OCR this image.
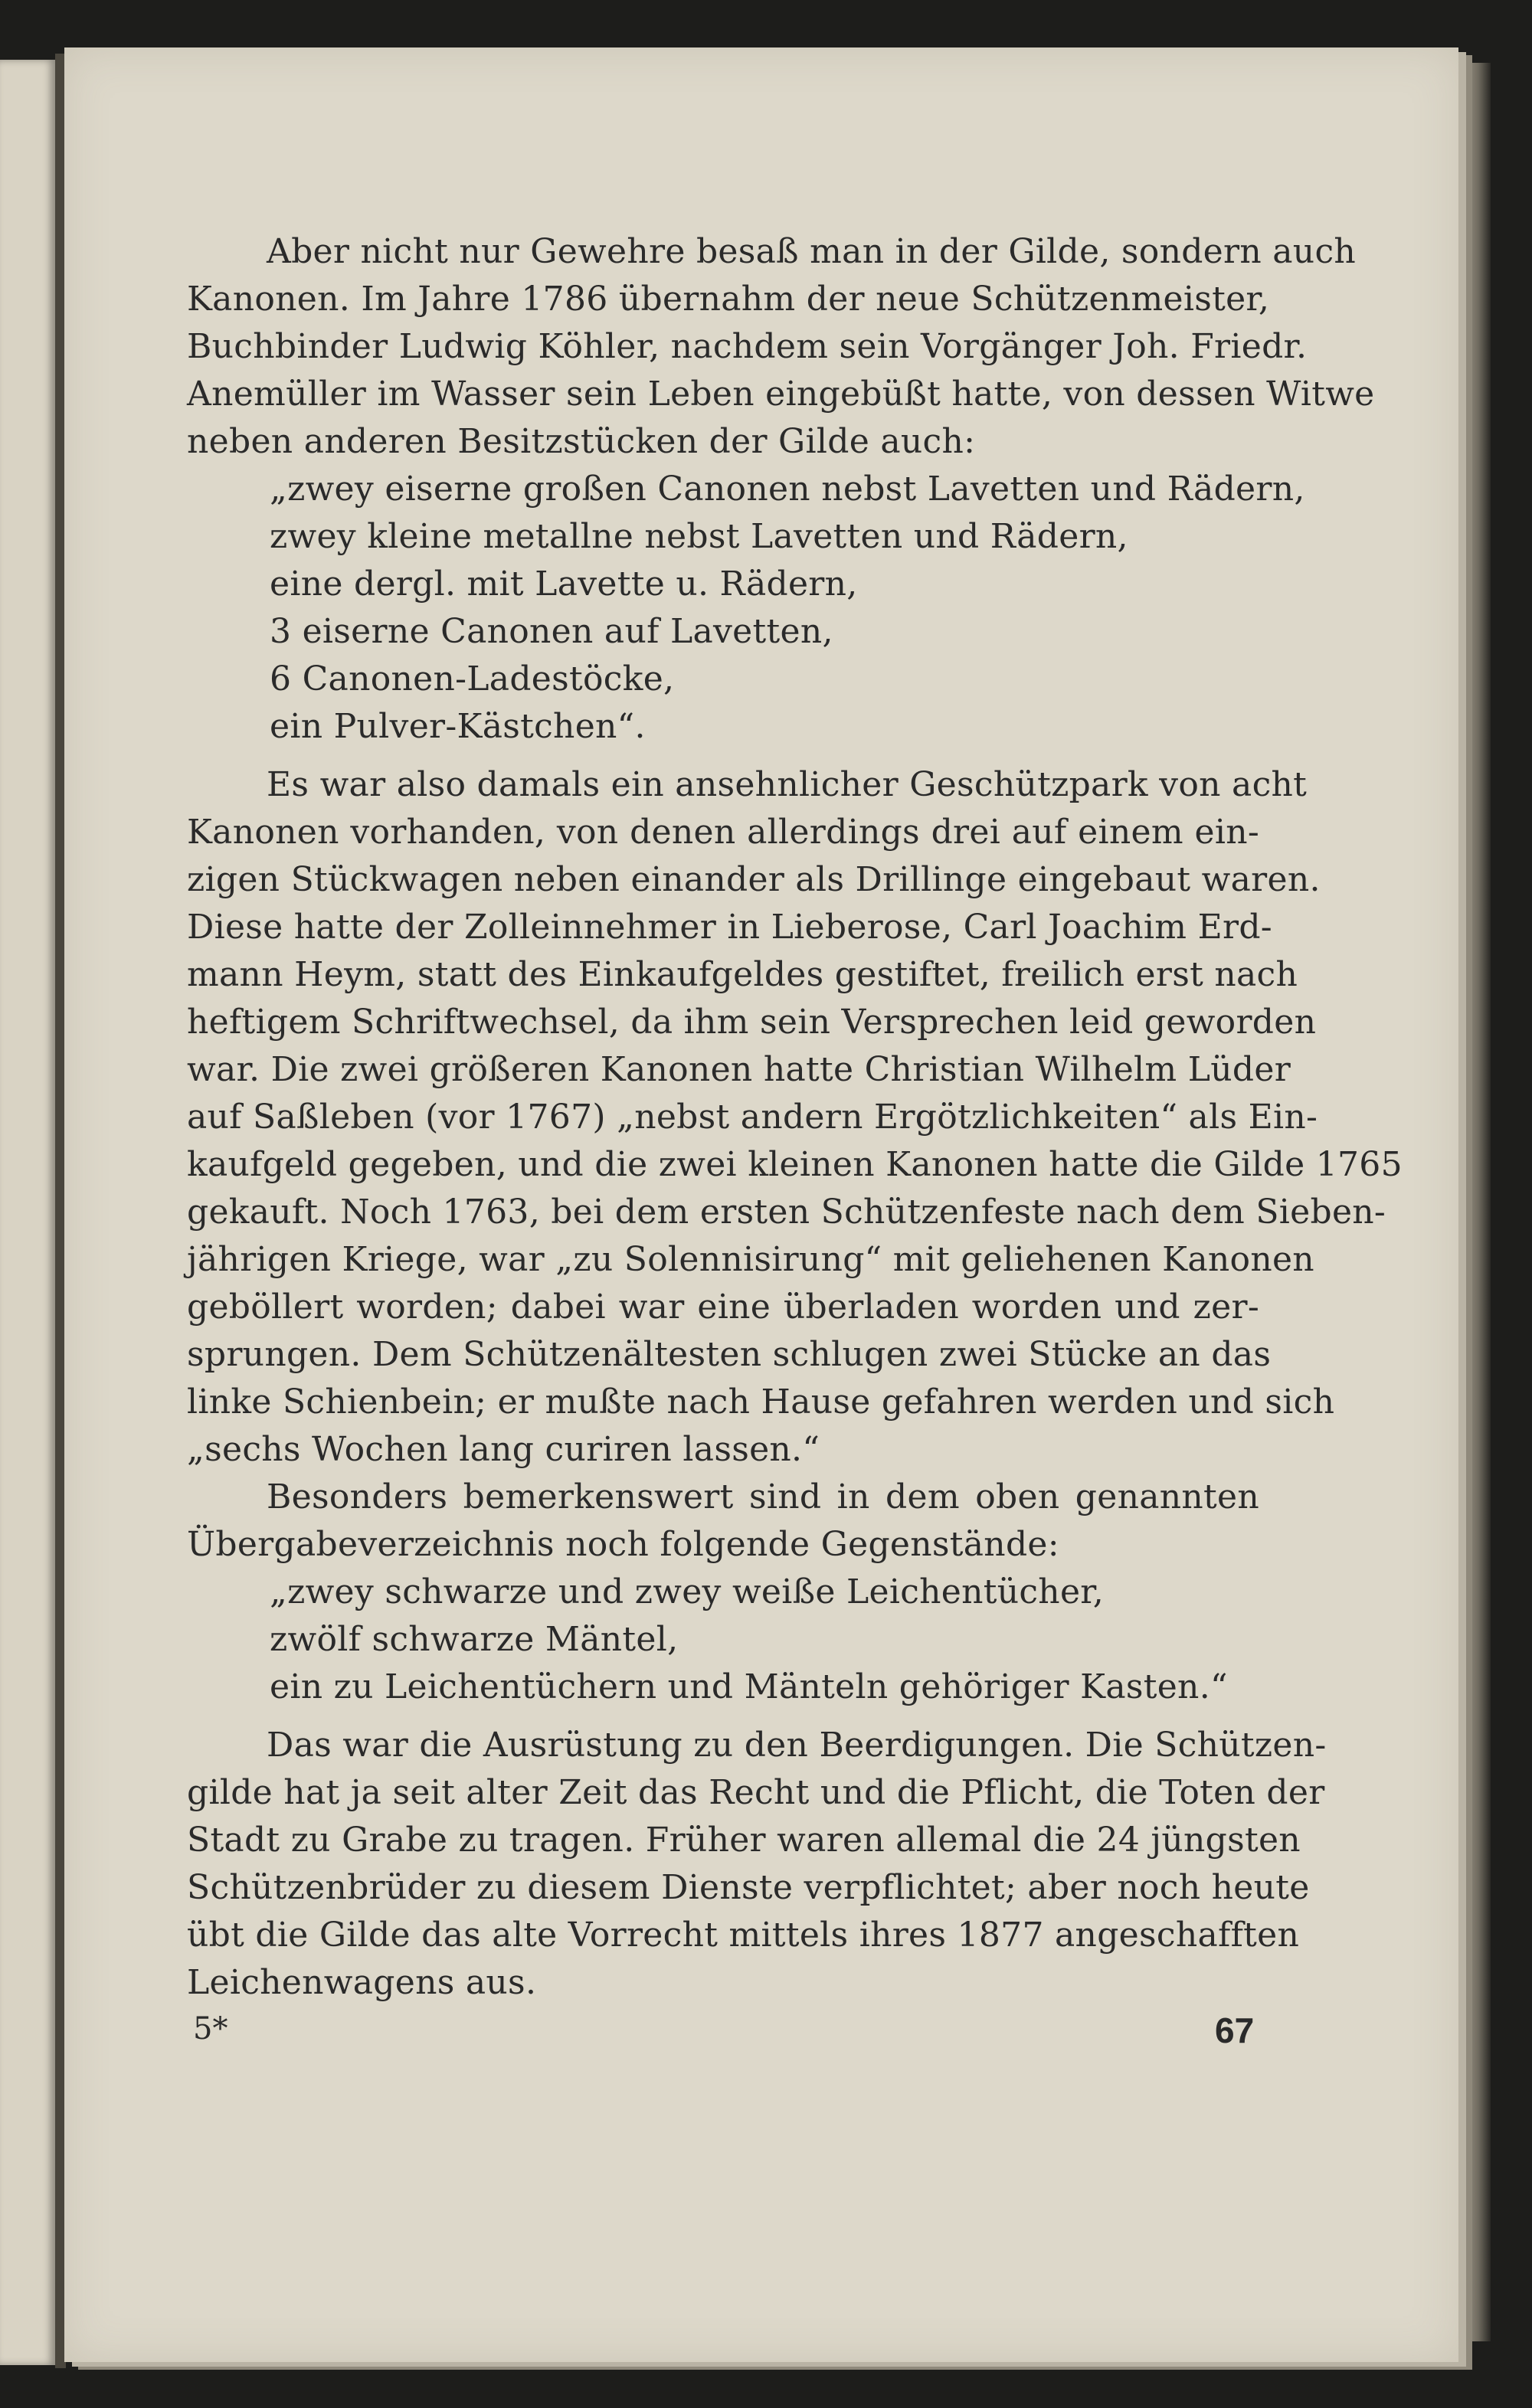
Aber nicht nur Gewehre besaß man in der Gilde, sondern auch
Kanonen. Im Jahre 1786 übernahm der neue Schützenmeister,
Buchbinder Ludwig Köhler, nachdem sein Vorgänger Joh. Friedr.
Anemüller im Wasser sein Leben eingebüßt hatte, von dessen Witwe
neben anderen Besitzstücken der Gilde auch:
„zwey eiserne großen Canonen nebst Lavetten und Rädern,
zwey kleine metallne nebst Lavetten und Rädern,
eine dergl. mit Lavette u. Rädern,
3 eiserne Canonen auf Lavetten,
6 Canonen-Ladestöcke,
ein Pulver-Kästchen“.
Es war also damals ein ansehnlicher Geschützpark von acht
Kanonen vorhanden, von denen allerdings drei auf einem ein-
zigen Stückwagen neben einander als Drillinge eingebaut waren.
Diese hatte der Zolleinnehmer in Lieberose, Carl Joachim Erd-
mann Heym, statt des Einkaufgeldes gestiftet, freilich erst nach
heftigem Schriftwechsel, da ihm sein Versprechen leid geworden
war. Die zwei größeren Kanonen hatte Christian Wilhelm Lüder
auf Saßleben (vor 1767) „nebst andern Ergötzlichkeiten“ als Ein-
kaufgeld gegeben, und die zwei kleinen Kanonen hatte die Gilde 1765
gekauft. Noch 1763, bei dem ersten Schützenfeste nach dem Sieben-
jährigen Kriege, war „zu Solennisirung“ mit geliehenen Kanonen
geböllert worden; dabei war eine überladen worden und zer-
sprungen. Dem Schützenältesten schlugen zwei Stücke an das
linke Schienbein; er mußte nach Hause gefahren werden und sich
„sechs Wochen lang curiren lassen.“
Besonders bemerkenswert sind in dem oben genannten
Übergabeverzeichnis noch folgende Gegenstände:
„zwey schwarze und zwey weiße Leichentücher,
zwölf schwarze Mäntel,
ein zu Leichentüchern und Mänteln gehöriger Kasten.“
Das war die Ausrüstung zu den Beerdigungen. Die Schützen-
gilde hat ja seit alter Zeit das Recht und die Pflicht, die Toten der
Stadt zu Grabe zu tragen. Früher waren allemal die 24 jüngsten
Schützenbrüder zu diesem Dienste verpflichtet; aber noch heute
übt die Gilde das alte Vorrecht mittels ihres 1877 angeschafften
Leichenwagens aus.
5*	67
